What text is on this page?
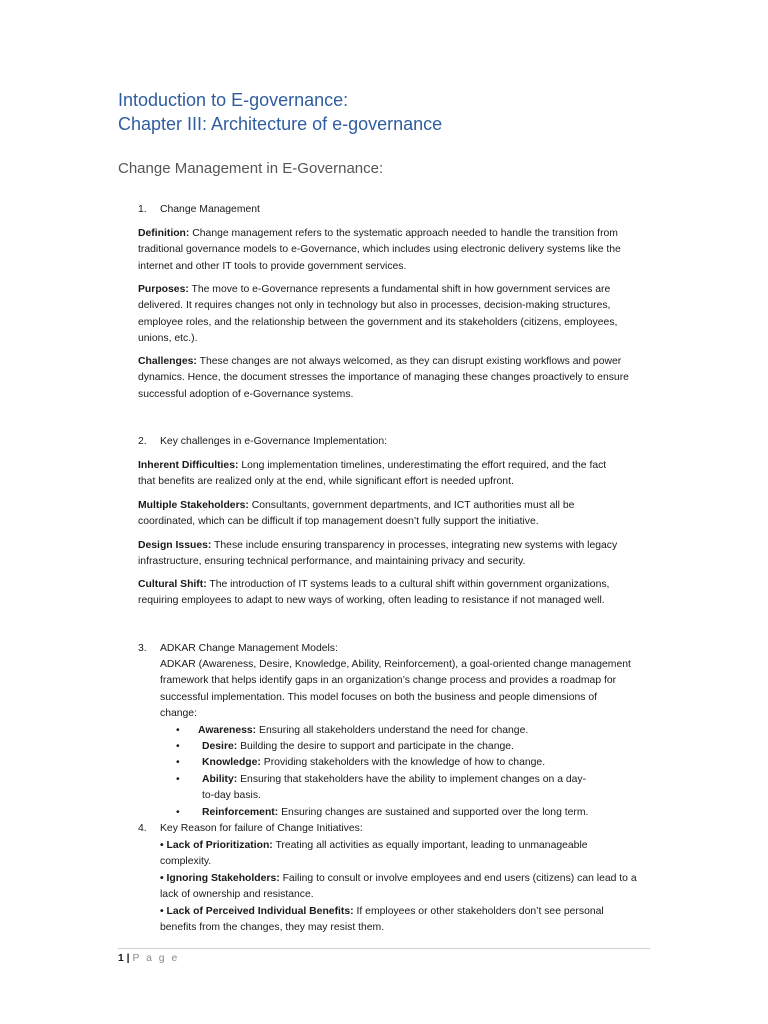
Intoduction to E-governance:
Chapter III: Architecture of e-governance
Change Management in E-Governance:
1. Change Management

Definition: Change management refers to the systematic approach needed to handle the transition from

traditional governance models to e-Governance, which includes using electronic delivery systems like the

internet and other IT tools to provide government services.

Purposes: The move to e-Governance represents a fundamental shift in how government services are

delivered. It requires changes not only in technology but also in processes, decision-making structures,

employee roles, and the relationship between the government and its stakeholders (citizens, employees,

unions, etc.).

Challenges: These changes are not always welcomed, as they can disrupt existing workflows and power

dynamics. Hence, the document stresses the importance of managing these changes proactively to ensure

successful adoption of e-Governance systems.

2. Key challenges in e-Governance Implementation:

Inherent Difficulties: Long implementation timelines, underestimating the effort required, and the fact

that benefits are realized only at the end, while significant effort is needed upfront.

Multiple Stakeholders: Consultants, government departments, and ICT authorities must all be

coordinated, which can be difficult if top management doesn’t fully support the initiative.

Design Issues: These include ensuring transparency in processes, integrating new systems with legacy

infrastructure, ensuring technical performance, and maintaining privacy and security.

Cultural Shift: The introduction of IT systems leads to a cultural shift within government organizations,

requiring employees to adapt to new ways of working, often leading to resistance if not managed well.

3. ADKAR Change Management Models:

ADKAR (Awareness, Desire, Knowledge, Ability, Reinforcement), a goal-oriented change management

framework that helps identify gaps in an organization’s change process and provides a roadmap for

successful implementation. This model focuses on both the business and people dimensions of

change:

• Awareness: Ensuring all stakeholders understand the need for change.
• Desire: Building the desire to support and participate in the change.
• Knowledge: Providing stakeholders with the knowledge of how to change.
• Ability: Ensuring that stakeholders have the ability to implement changes on a day-
to-day basis.
• Reinforcement: Ensuring changes are sustained and supported over the long term.
4. Key Reason for failure of Change Initiatives:

• Lack of Prioritization: Treating all activities as equally important, leading to unmanageable

complexity.

• Ignoring Stakeholders: Failing to consult or involve employees and end users (citizens) can lead to a

lack of ownership and resistance.

• Lack of Perceived Individual Benefits: If employees or other stakeholders don’t see personal

benefits from the changes, they may resist them.

1 | P a g e
